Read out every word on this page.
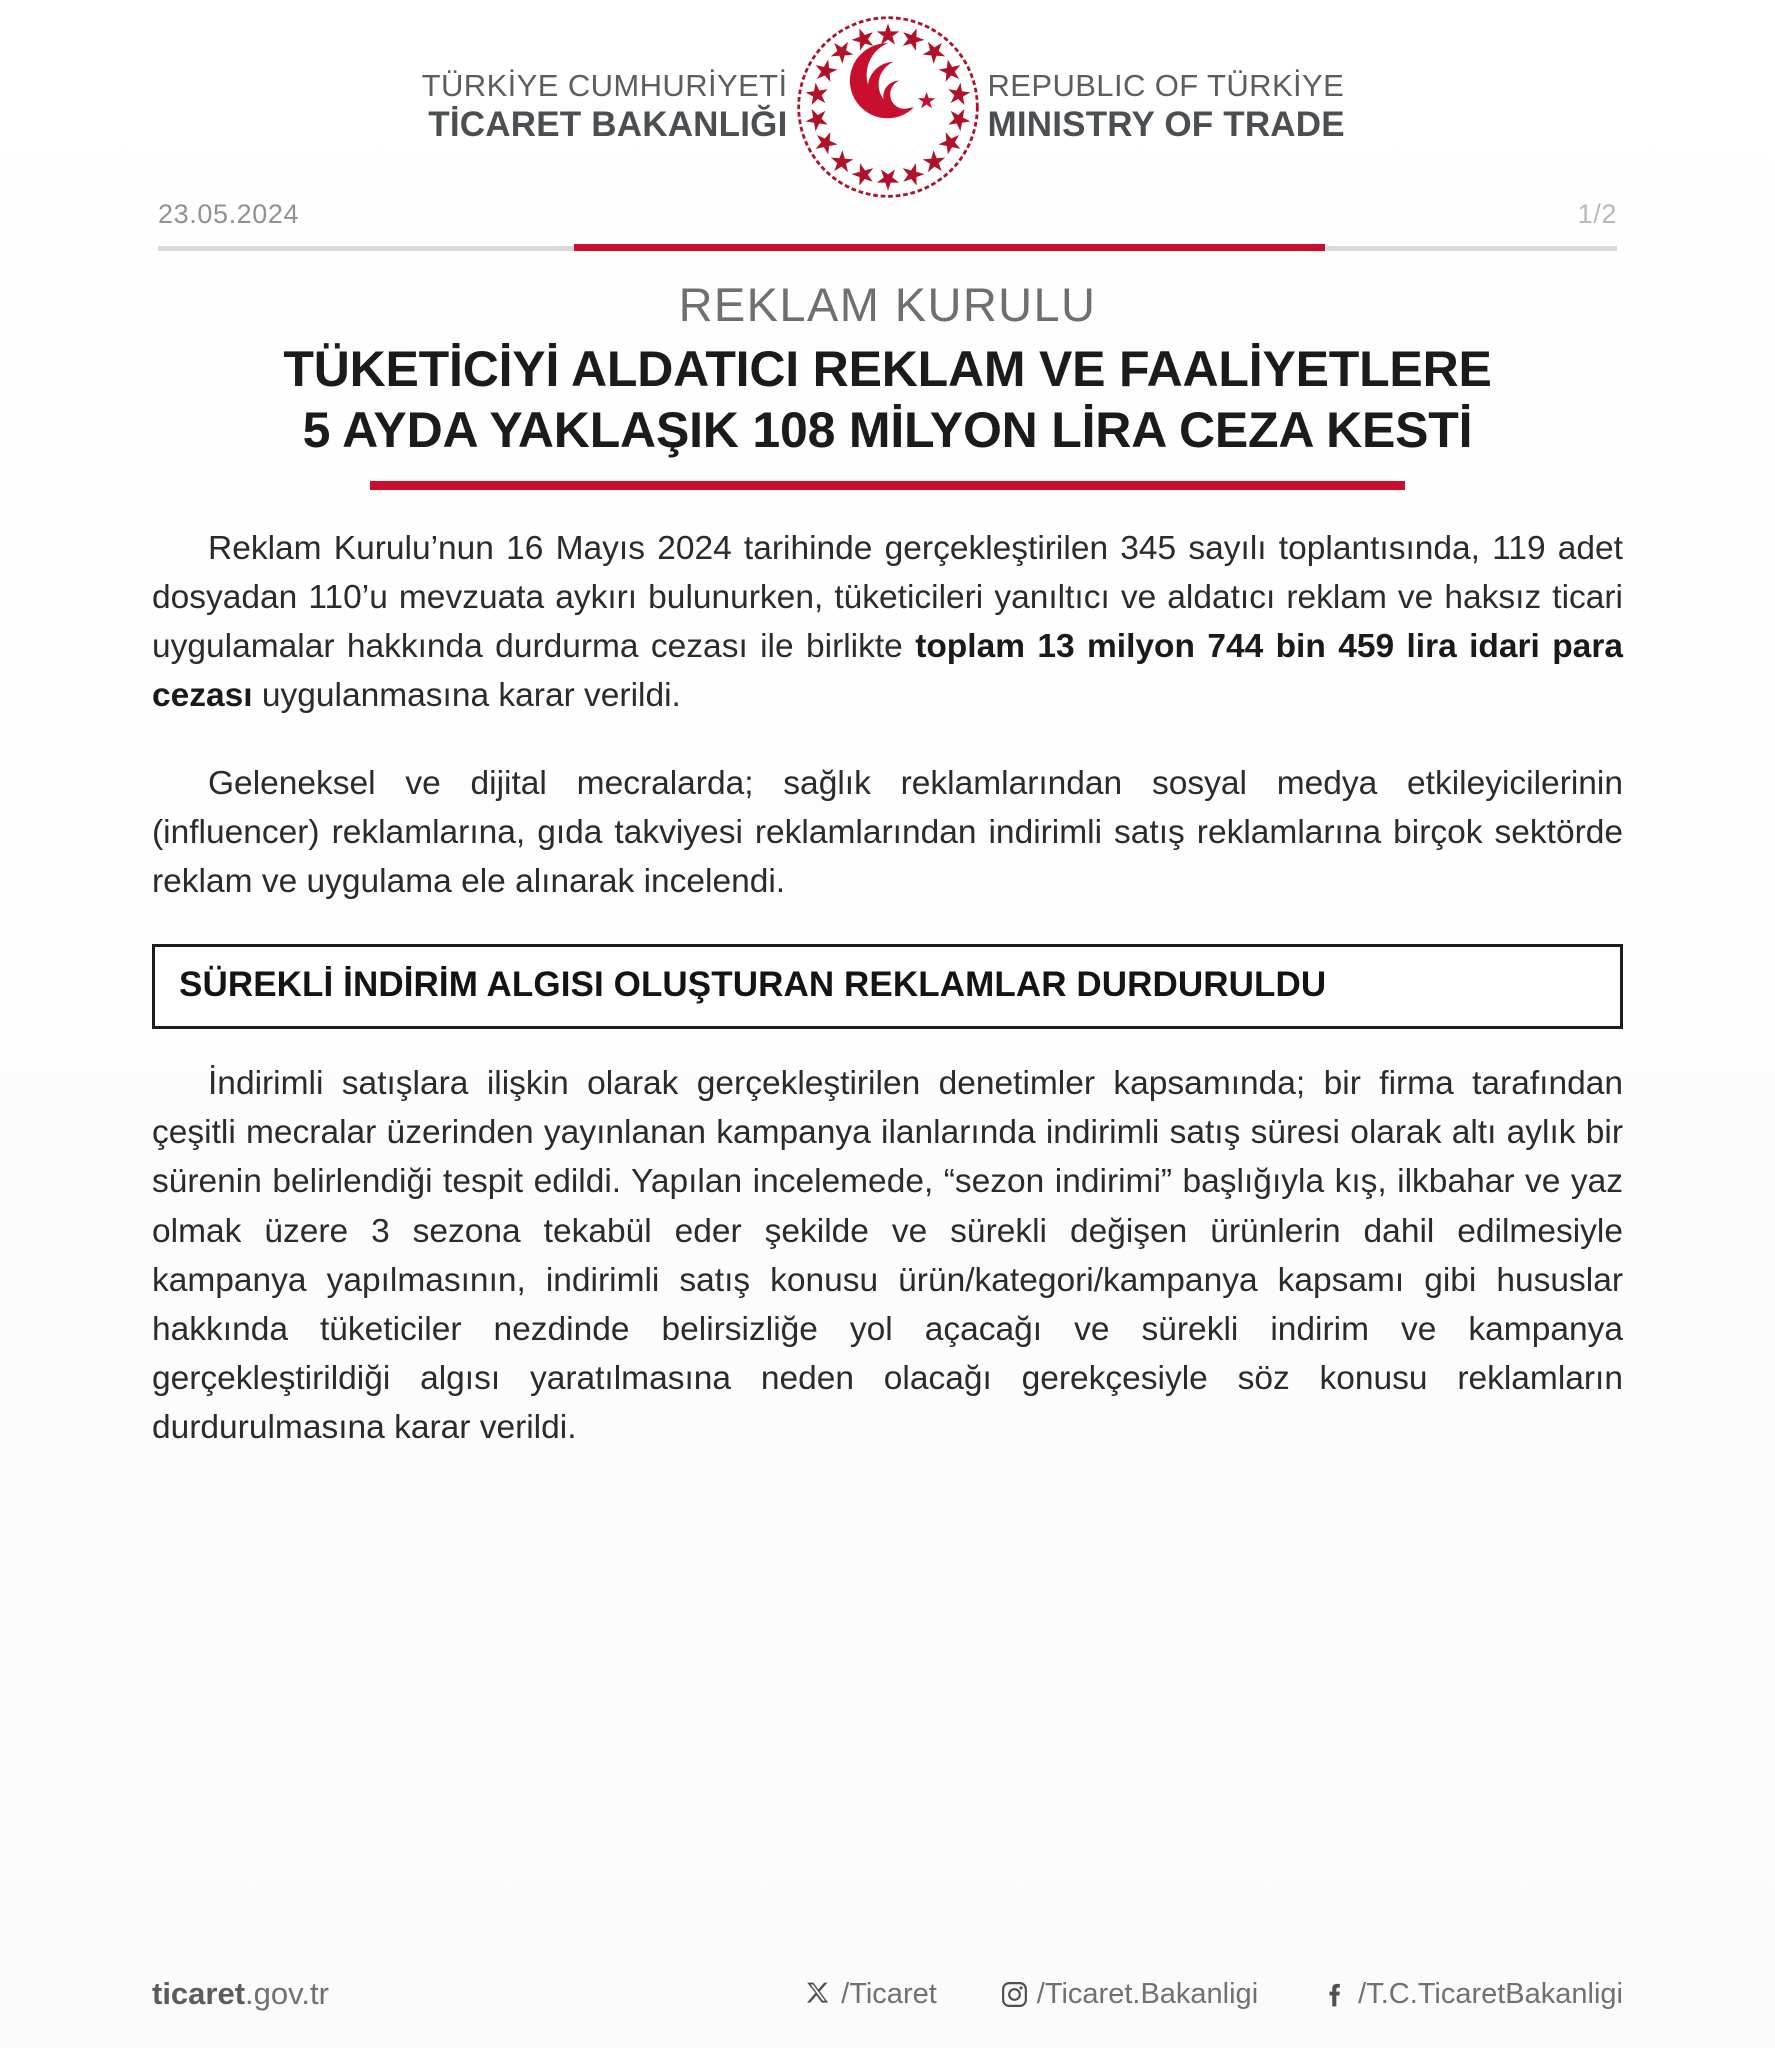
TÜRKİYE CUMHURİYETİ
TİCARET BAKANLIĞI
REPUBLIC OF TÜRKİYE
MINISTRY OF TRADE
23.05.2024	1/2
REKLAM KURULU
TÜKETİCİYİ ALDATICI REKLAM VE FAALİYETLERE
5 AYDA YAKLAŞIK 108 MİLYON LİRA CEZA KESTİ

Reklam Kurulu’nun 16 Mayıs 2024 tarihinde gerçekleştirilen 345 sayılı toplantısında, 119 adet dosyadan 110’u mevzuata aykırı bulunurken, tüketicileri yanıltıcı ve aldatıcı reklam ve haksız ticari uygulamalar hakkında durdurma cezası ile birlikte toplam 13 milyon 744 bin 459 lira idari para cezası uygulanmasına karar verildi.

Geleneksel ve dijital mecralarda; sağlık reklamlarından sosyal medya etkileyicilerinin (influencer) reklamlarına, gıda takviyesi reklamlarından indirimli satış reklamlarına birçok sektörde reklam ve uygulama ele alınarak incelendi.

SÜREKLİ İNDİRİM ALGISI OLUŞTURAN REKLAMLAR DURDURULDU

İndirimli satışlara ilişkin olarak gerçekleştirilen denetimler kapsamında; bir firma tarafından çeşitli mecralar üzerinden yayınlanan kampanya ilanlarında indirimli satış süresi olarak altı aylık bir sürenin belirlendiği tespit edildi. Yapılan incelemede, “sezon indirimi” başlığıyla kış, ilkbahar ve yaz olmak üzere 3 sezona tekabül eder şekilde ve sürekli değişen ürünlerin dahil edilmesiyle kampanya yapılmasının, indirimli satış konusu ürün/kategori/kampanya kapsamı gibi hususlar hakkında tüketiciler nezdinde belirsizliğe yol açacağı ve sürekli indirim ve kampanya gerçekleştirildiği algısı yaratılmasına neden olacağı gerekçesiyle söz konusu reklamların durdurulmasına karar verildi.

ticaret.gov.tr	/Ticaret	/Ticaret.Bakanligi	/T.C.TicaretBakanligi
